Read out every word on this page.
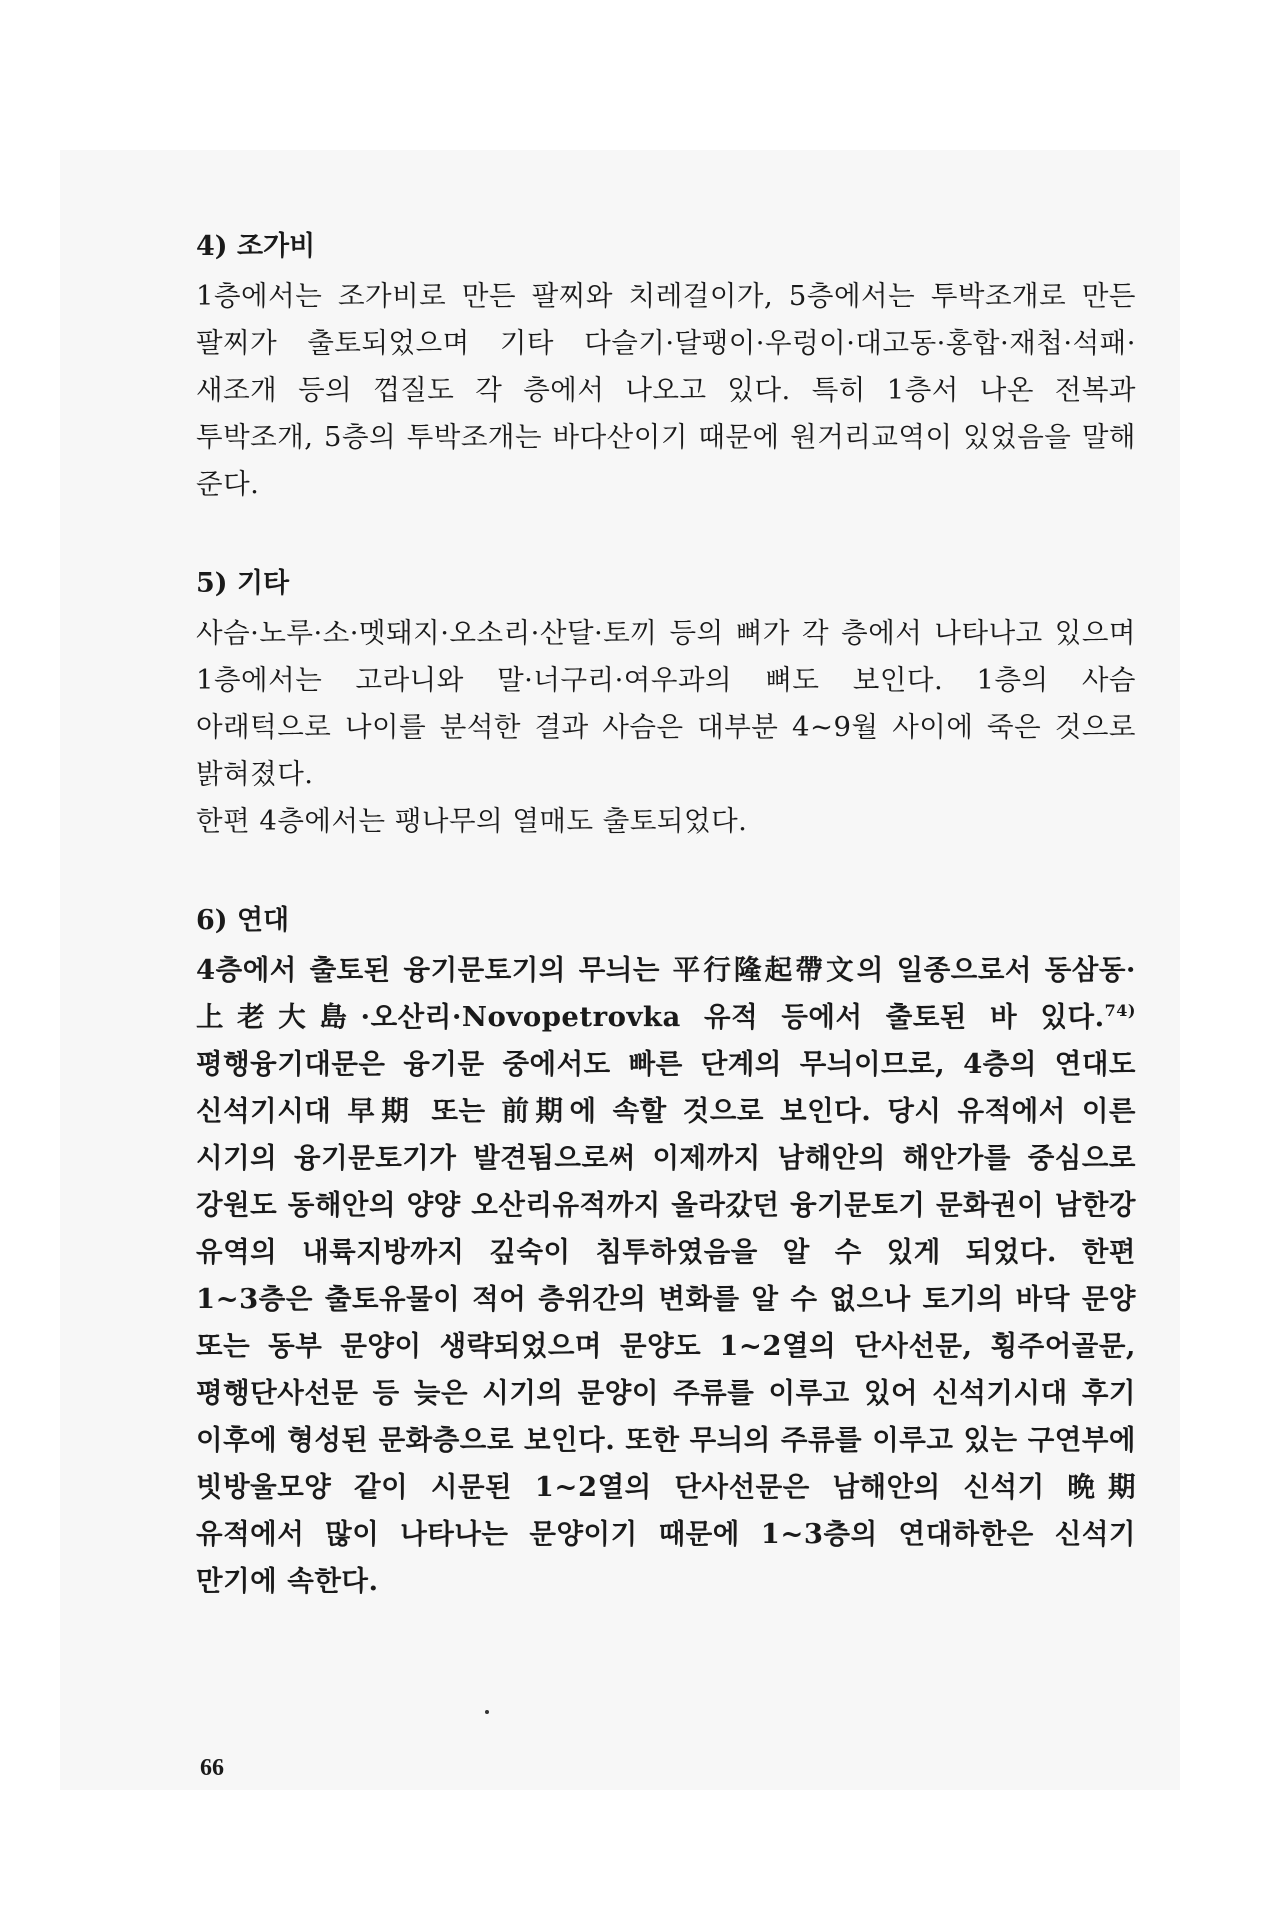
4) 조가비

1층에서는 조가비로 만든 팔찌와 치레걸이가, 5층에서는 투박조개로 만든 팔찌가 출토되었으며 기타 다슬기·달팽이·우렁이·대고동·홍합·재첩·석패·새조개 등의 껍질도 각 층에서 나오고 있다. 특히 1층서 나온 전복과 투박조개, 5층의 투박조개는 바다산이기 때문에 원거리교역이 있었음을 말해 준다.

5) 기타

사슴·노루·소·멧돼지·오소리·산달·토끼 등의 뼈가 각 층에서 나타나고 있으며 1층에서는 고라니와 말·너구리·여우과의 뼈도 보인다. 1층의 사슴 아래턱으로 나이를 분석한 결과 사슴은 대부분 4~9월 사이에 죽은 것으로 밝혀졌다.

한편 4층에서는 팽나무의 열매도 출토되었다.

6) 연대

4층에서 출토된 융기문토기의 무늬는 平行隆起帶文의 일종으로서 동삼동·上老大島·오산리·Novopetrovka 유적 등에서 출토된 바 있다.$^{74)}$ 평행융기대문은 융기문 중에서도 빠른 단계의 무늬이므로, 4층의 연대도 신석기시대 早期 또는 前期에 속할 것으로 보인다. 당시 유적에서 이른 시기의 융기문토기가 발견됨으로써 이제까지 남해안의 해안가를 중심으로 강원도 동해안의 양양 오산리유적까지 올라갔던 융기문토기 문화권이 남한강 유역의 내륙지방까지 깊숙이 침투하였음을 알 수 있게 되었다. 한편 1~3층은 출토유물이 적어 층위간의 변화를 알 수 없으나 토기의 바닥 문양 또는 동부 문양이 생략되었으며 문양도 1~2열의 단사선문, 횡주어골문, 평행단사선문 등 늦은 시기의 문양이 주류를 이루고 있어 신석기시대 후기 이후에 형성된 문화층으로 보인다. 또한 무늬의 주류를 이루고 있는 구연부에 빗방울모양 같이 시문된 1~2열의 단사선문은 남해안의 신석기 晩期 유적에서 많이 나타나는 문양이기 때문에 1~3층의 연대하한은 신석기 만기에 속한다.

66
